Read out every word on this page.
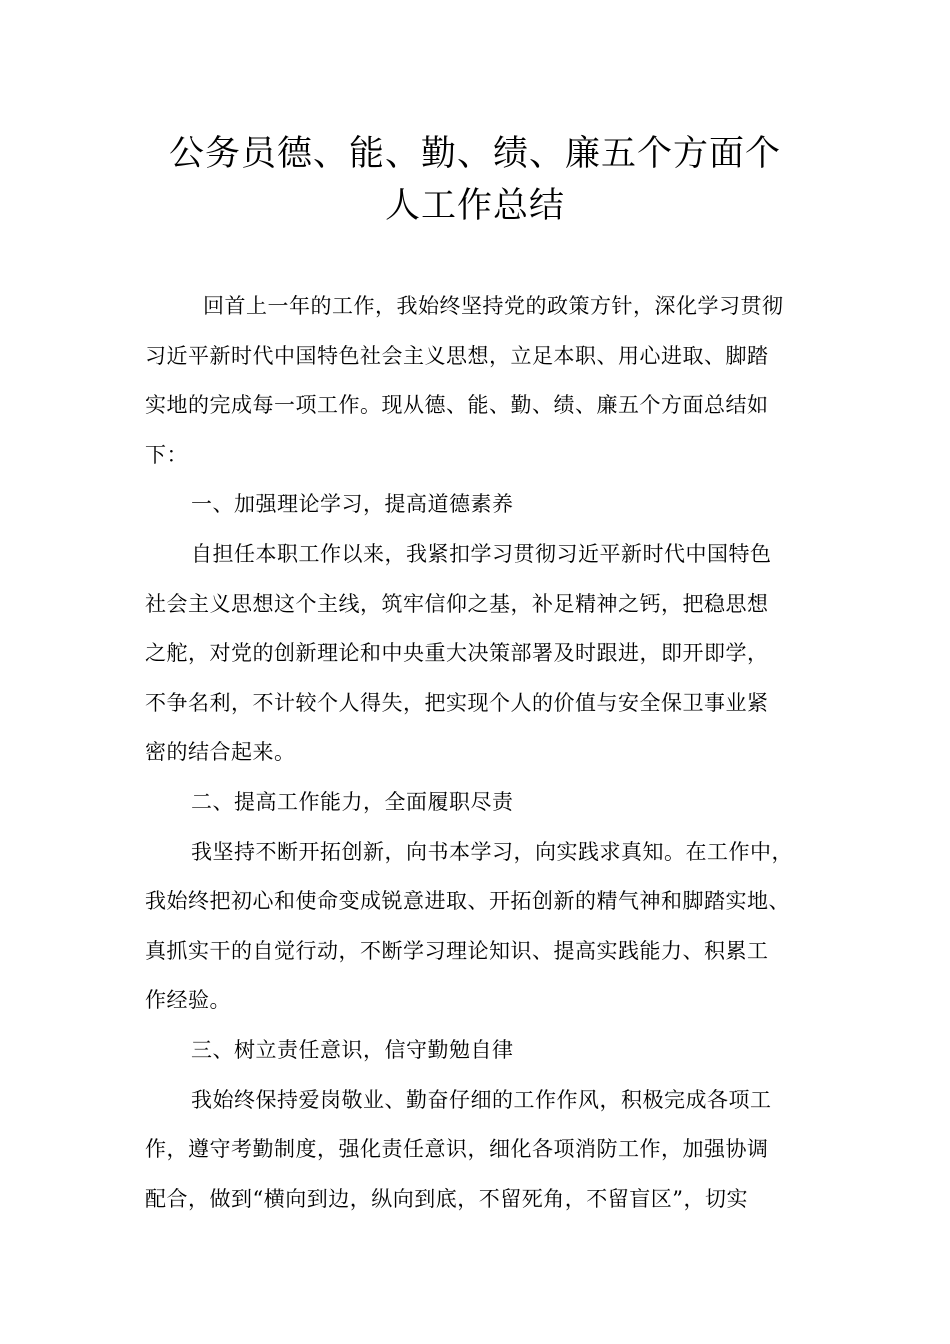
公务员德、能、勤、绩、廉五个方面个
人工作总结
回首上一年的工作，我始终坚持党的政策方针，深化学习贯彻
习近平新时代中国特色社会主义思想，立足本职、用心进取、脚踏
实地的完成每一项工作。现从德、能、勤、绩、廉五个方面总结如
下：
一、加强理论学习，提高道德素养
自担任本职工作以来，我紧扣学习贯彻习近平新时代中国特色
社会主义思想这个主线，筑牢信仰之基，补足精神之钙，把稳思想
之舵，对党的创新理论和中央重大决策部署及时跟进，即开即学，
不争名利，不计较个人得失，把实现个人的价值与安全保卫事业紧
密的结合起来。
二、提高工作能力，全面履职尽责
我坚持不断开拓创新，向书本学习，向实践求真知。在工作中，
我始终把初心和使命变成锐意进取、开拓创新的精气神和脚踏实地、
真抓实干的自觉行动，不断学习理论知识、提高实践能力、积累工
作经验。
三、树立责任意识，信守勤勉自律
我始终保持爱岗敬业、勤奋仔细的工作作风，积极完成各项工
作，遵守考勤制度，强化责任意识，细化各项消防工作，加强协调
配合，做到“横向到边，纵向到底，不留死角，不留盲区”，切实
